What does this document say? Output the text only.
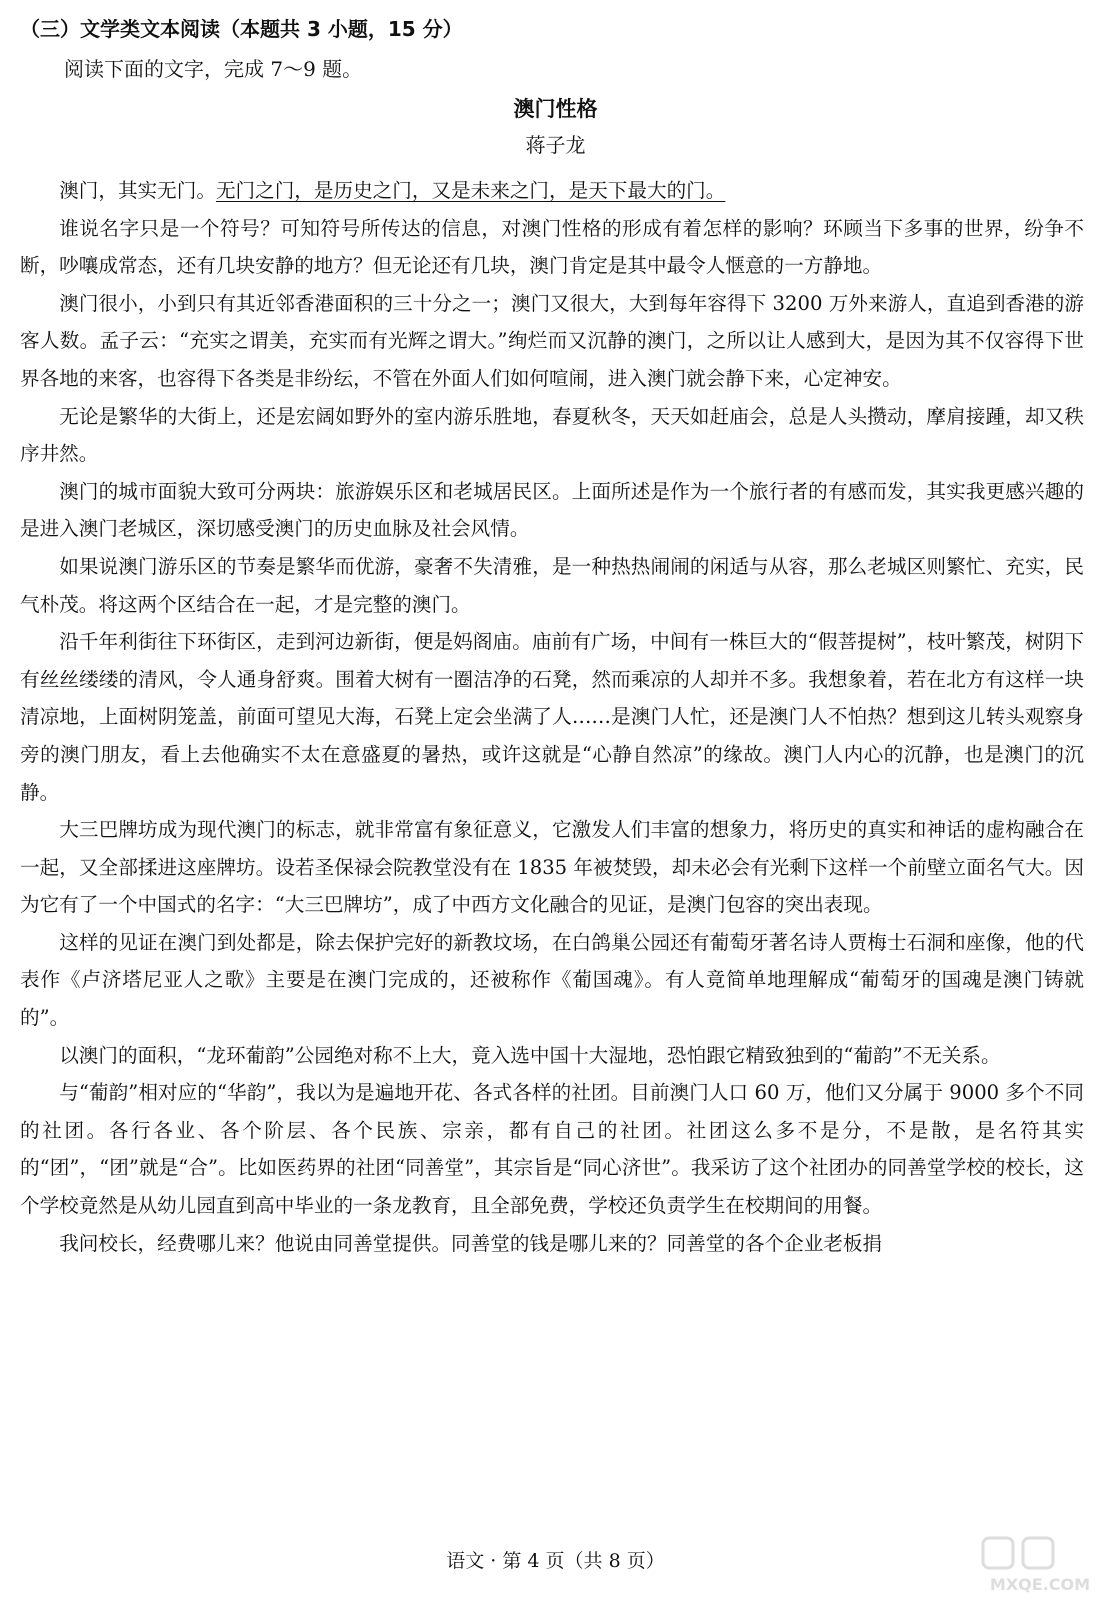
（三）文学类文本阅读（本题共 3 小题，15 分）
阅读下面的文字，完成 7～9 题。
澳门性格
蒋子龙

澳门，其实无门。无门之门，是历史之门，又是未来之门，是天下最大的门。

谁说名字只是一个符号？可知符号所传达的信息，对澳门性格的形成有着怎样的影响？环顾当下多事的世界，纷争不断，吵嚷成常态，还有几块安静的地方？但无论还有几块，澳门肯定是其中最令人惬意的一方静地。

澳门很小，小到只有其近邻香港面积的三十分之一；澳门又很大，大到每年容得下 3200 万外来游人，直追到香港的游客人数。孟子云：“充实之谓美，充实而有光辉之谓大。”绚烂而又沉静的澳门，之所以让人感到大，是因为其不仅容得下世界各地的来客，也容得下各类是非纷纭，不管在外面人们如何喧闹，进入澳门就会静下来，心定神安。

无论是繁华的大街上，还是宏阔如野外的室内游乐胜地，春夏秋冬，天天如赶庙会，总是人头攒动，摩肩接踵，却又秩序井然。

澳门的城市面貌大致可分两块：旅游娱乐区和老城居民区。上面所述是作为一个旅行者的有感而发，其实我更感兴趣的是进入澳门老城区，深切感受澳门的历史血脉及社会风情。

如果说澳门游乐区的节奏是繁华而优游，豪奢不失清雅，是一种热热闹闹的闲适与从容，那么老城区则繁忙、充实，民气朴茂。将这两个区结合在一起，才是完整的澳门。

沿千年利街往下环街区，走到河边新街，便是妈阁庙。庙前有广场，中间有一株巨大的“假菩提树”，枝叶繁茂，树阴下有丝丝缕缕的清风，令人通身舒爽。围着大树有一圈洁净的石凳，然而乘凉的人却并不多。我想象着，若在北方有这样一块清凉地，上面树阴笼盖，前面可望见大海，石凳上定会坐满了人……是澳门人忙，还是澳门人不怕热？想到这儿转头观察身旁的澳门朋友，看上去他确实不太在意盛夏的暑热，或许这就是“心静自然凉”的缘故。澳门人内心的沉静，也是澳门的沉静。

大三巴牌坊成为现代澳门的标志，就非常富有象征意义，它激发人们丰富的想象力，将历史的真实和神话的虚构融合在一起，又全部揉进这座牌坊。设若圣保禄会院教堂没有在 1835 年被焚毁，却未必会有光剩下这样一个前壁立面名气大。因为它有了一个中国式的名字：“大三巴牌坊”，成了中西方文化融合的见证，是澳门包容的突出表现。

这样的见证在澳门到处都是，除去保护完好的新教坟场，在白鸽巢公园还有葡萄牙著名诗人贾梅士石洞和座像，他的代表作《卢济塔尼亚人之歌》主要是在澳门完成的，还被称作《葡国魂》。有人竟简单地理解成“葡萄牙的国魂是澳门铸就的”。

以澳门的面积，“龙环葡韵”公园绝对称不上大，竟入选中国十大湿地，恐怕跟它精致独到的“葡韵”不无关系。

与“葡韵”相对应的“华韵”，我以为是遍地开花、各式各样的社团。目前澳门人口 60 万，他们又分属于 9000 多个不同的社团。各行各业、各个阶层、各个民族、宗亲，都有自己的社团。社团这么多不是分，不是散，是名符其实的“团”，“团”就是“合”。比如医药界的社团“同善堂”，其宗旨是“同心济世”。我采访了这个社团办的同善堂学校的校长，这个学校竟然是从幼儿园直到高中毕业的一条龙教育，且全部免费，学校还负责学生在校期间的用餐。

我问校长，经费哪儿来？他说由同善堂提供。同善堂的钱是哪儿来的？同善堂的各个企业老板捐

语文 · 第 4 页（共 8 页）
MXQE.COM
